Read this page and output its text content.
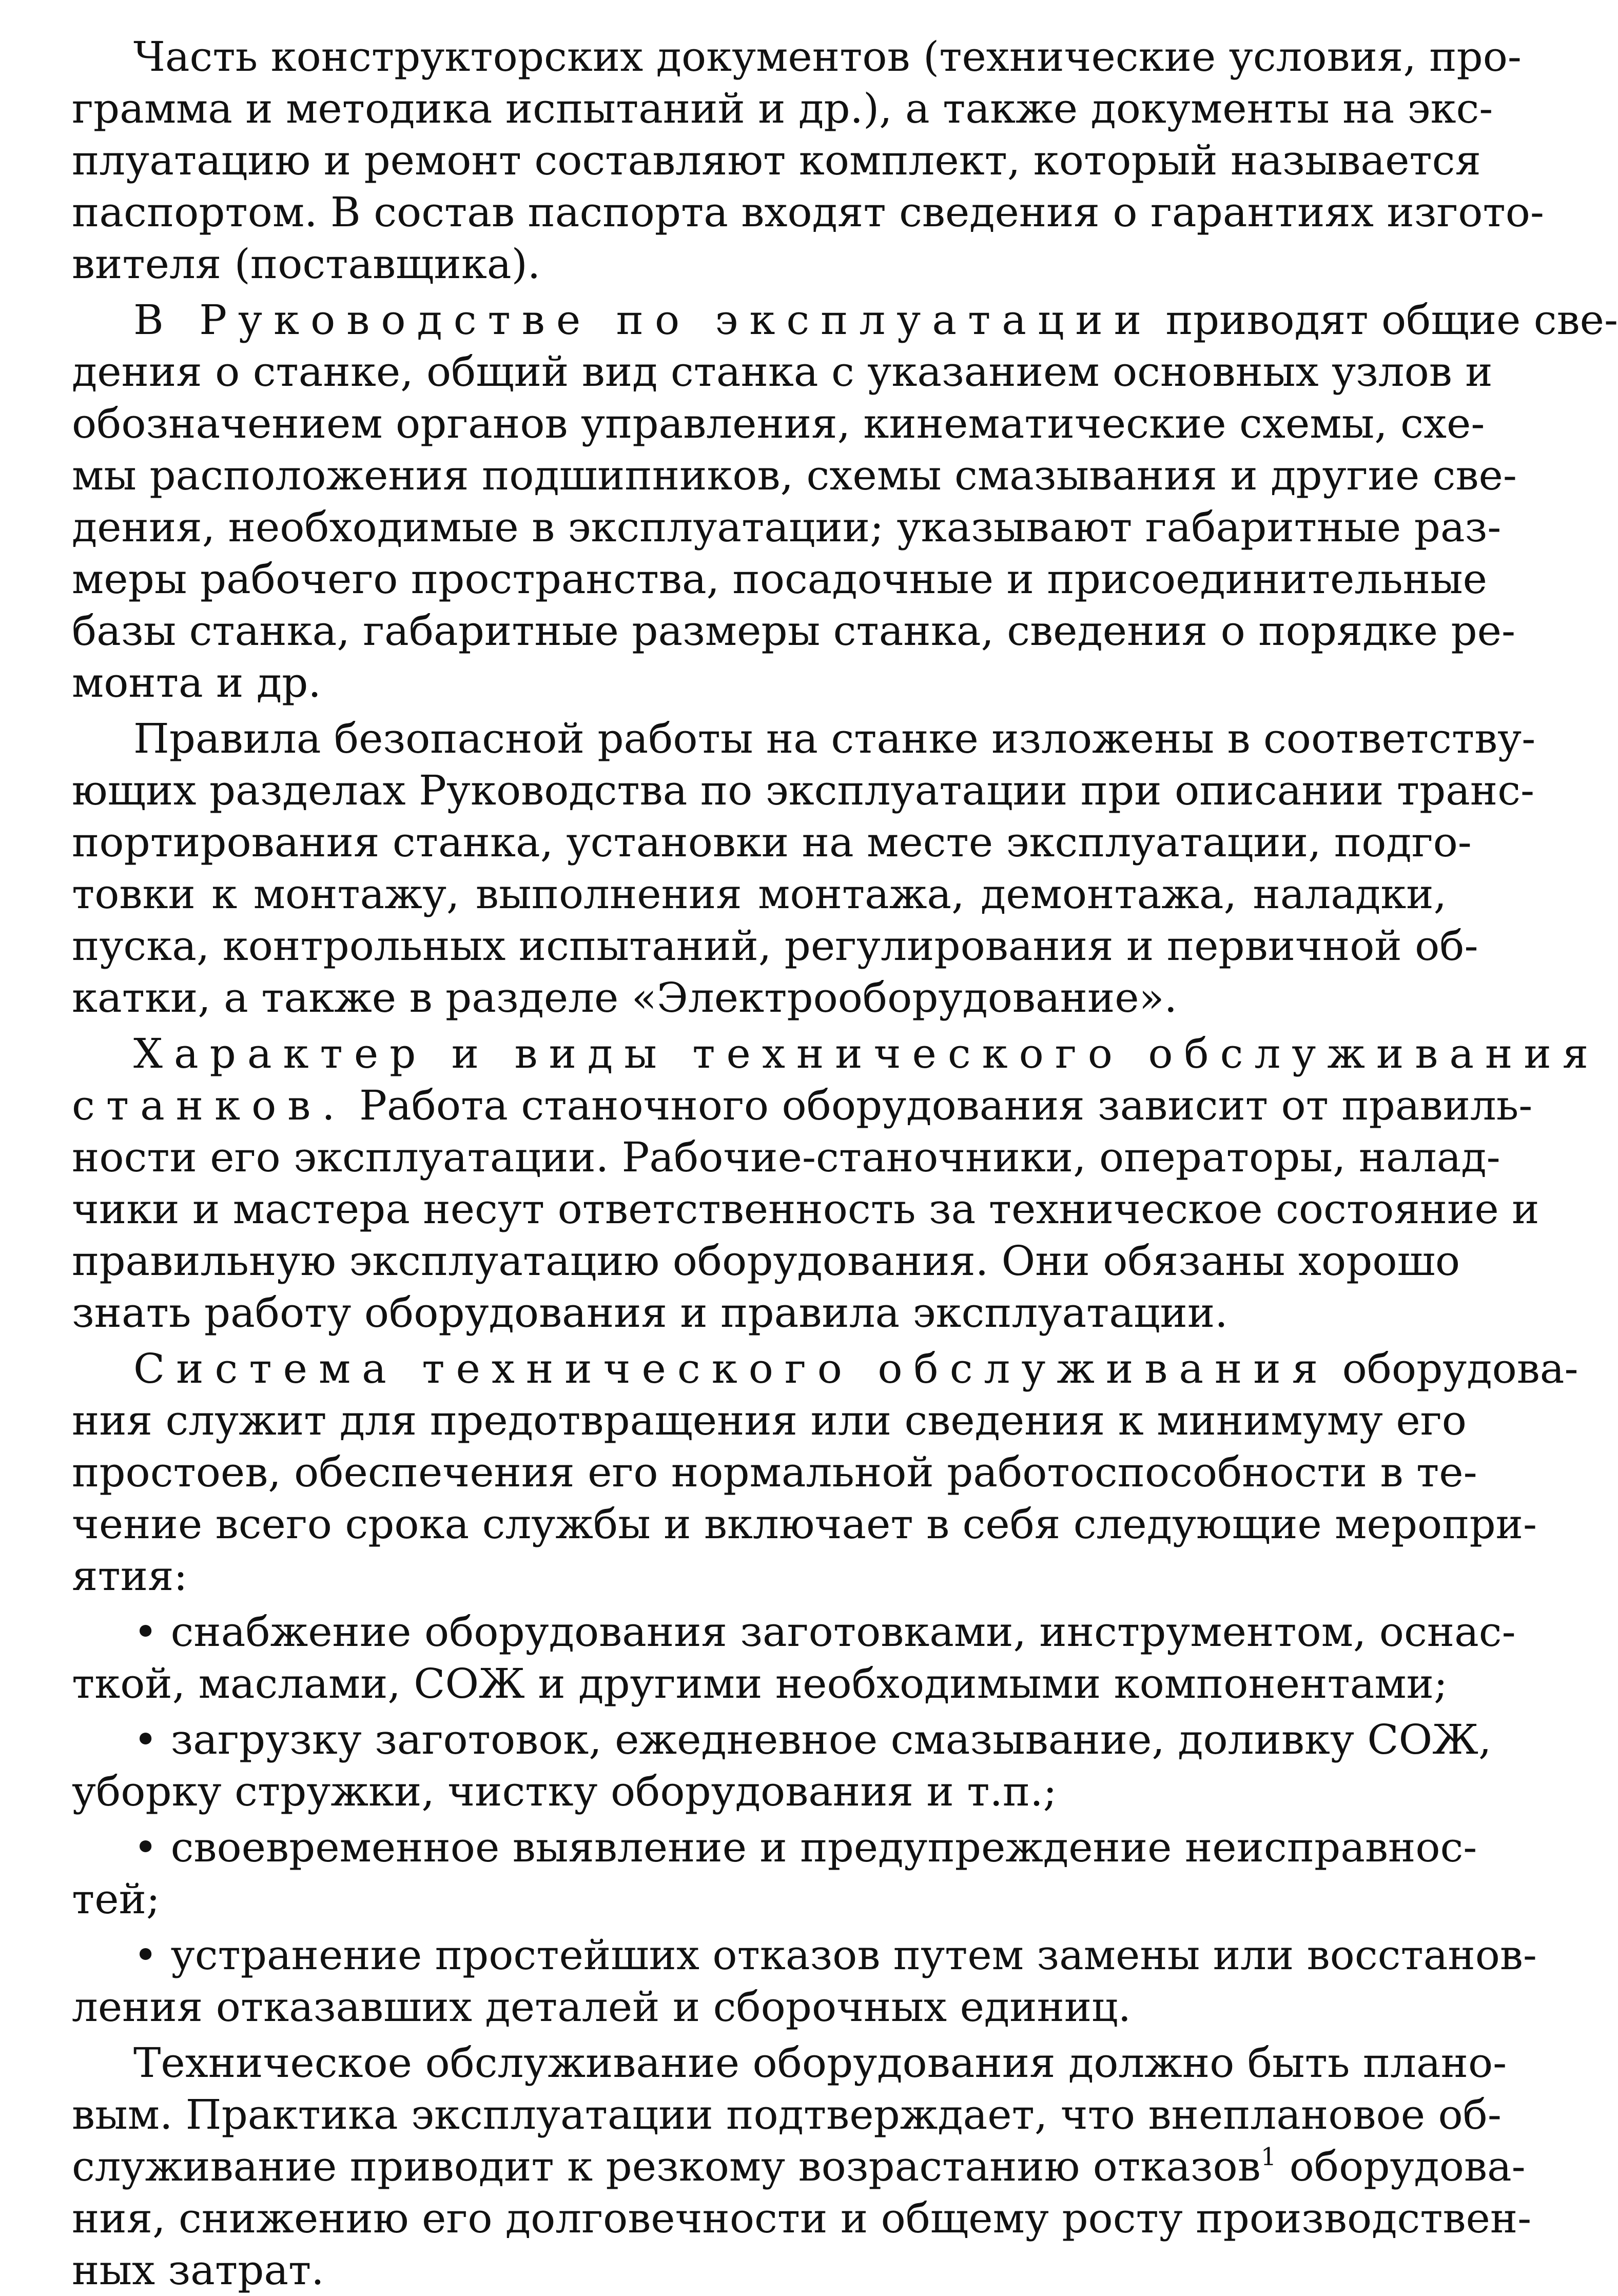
Часть конструкторских документов (технические условия, про-
грамма и методика испытаний и др.), а также документы на экс-
плуатацию и ремонт составляют комплект, который называется
паспортом. В состав паспорта входят сведения о гарантиях изгото-
вителя (поставщика).
В Руководстве по эксплуатации приводят общие све-
дения о станке, общий вид станка с указанием основных узлов и
обозначением органов управления, кинематические схемы, схе-
мы расположения подшипников, схемы смазывания и другие све-
дения, необходимые в эксплуатации; указывают габаритные раз-
меры рабочего пространства, посадочные и присоединительные
базы станка, габаритные размеры станка, сведения о порядке ре-
монта и др.
Правила безопасной работы на станке изложены в соответству-
ющих разделах Руководства по эксплуатации при описании транс-
портирования станка, установки на месте эксплуатации, подго-
товки к монтажу, выполнения монтажа, демонтажа, наладки,
пуска, контрольных испытаний, регулирования и первичной об-
катки, а также в разделе «Электрооборудование».
Характер и виды технического обслуживания
станков. Работа станочного оборудования зависит от правиль-
ности его эксплуатации. Рабочие-станочники, операторы, налад-
чики и мастера несут ответственность за техническое состояние и
правильную эксплуатацию оборудования. Они обязаны хорошо
знать работу оборудования и правила эксплуатации.
Система технического обслуживания оборудова-
ния служит для предотвращения или сведения к минимуму его
простоев, обеспечения его нормальной работоспособности в те-
чение всего срока службы и включает в себя следующие меропри-
ятия:
• снабжение оборудования заготовками, инструментом, оснас-
ткой, маслами, СОЖ и другими необходимыми компонентами;
• загрузку заготовок, ежедневное смазывание, доливку СОЖ,
уборку стружки, чистку оборудования и т.п.;
• своевременное выявление и предупреждение неисправнос-
тей;
• устранение простейших отказов путем замены или восстанов-
ления отказавших деталей и сборочных единиц.
Техническое обслуживание оборудования должно быть плано-
вым. Практика эксплуатации подтверждает, что внеплановое об-
служивание приводит к резкому возрастанию отказов$^1$ оборудова-
ния, снижению его долговечности и общему росту производствен-
ных затрат.
